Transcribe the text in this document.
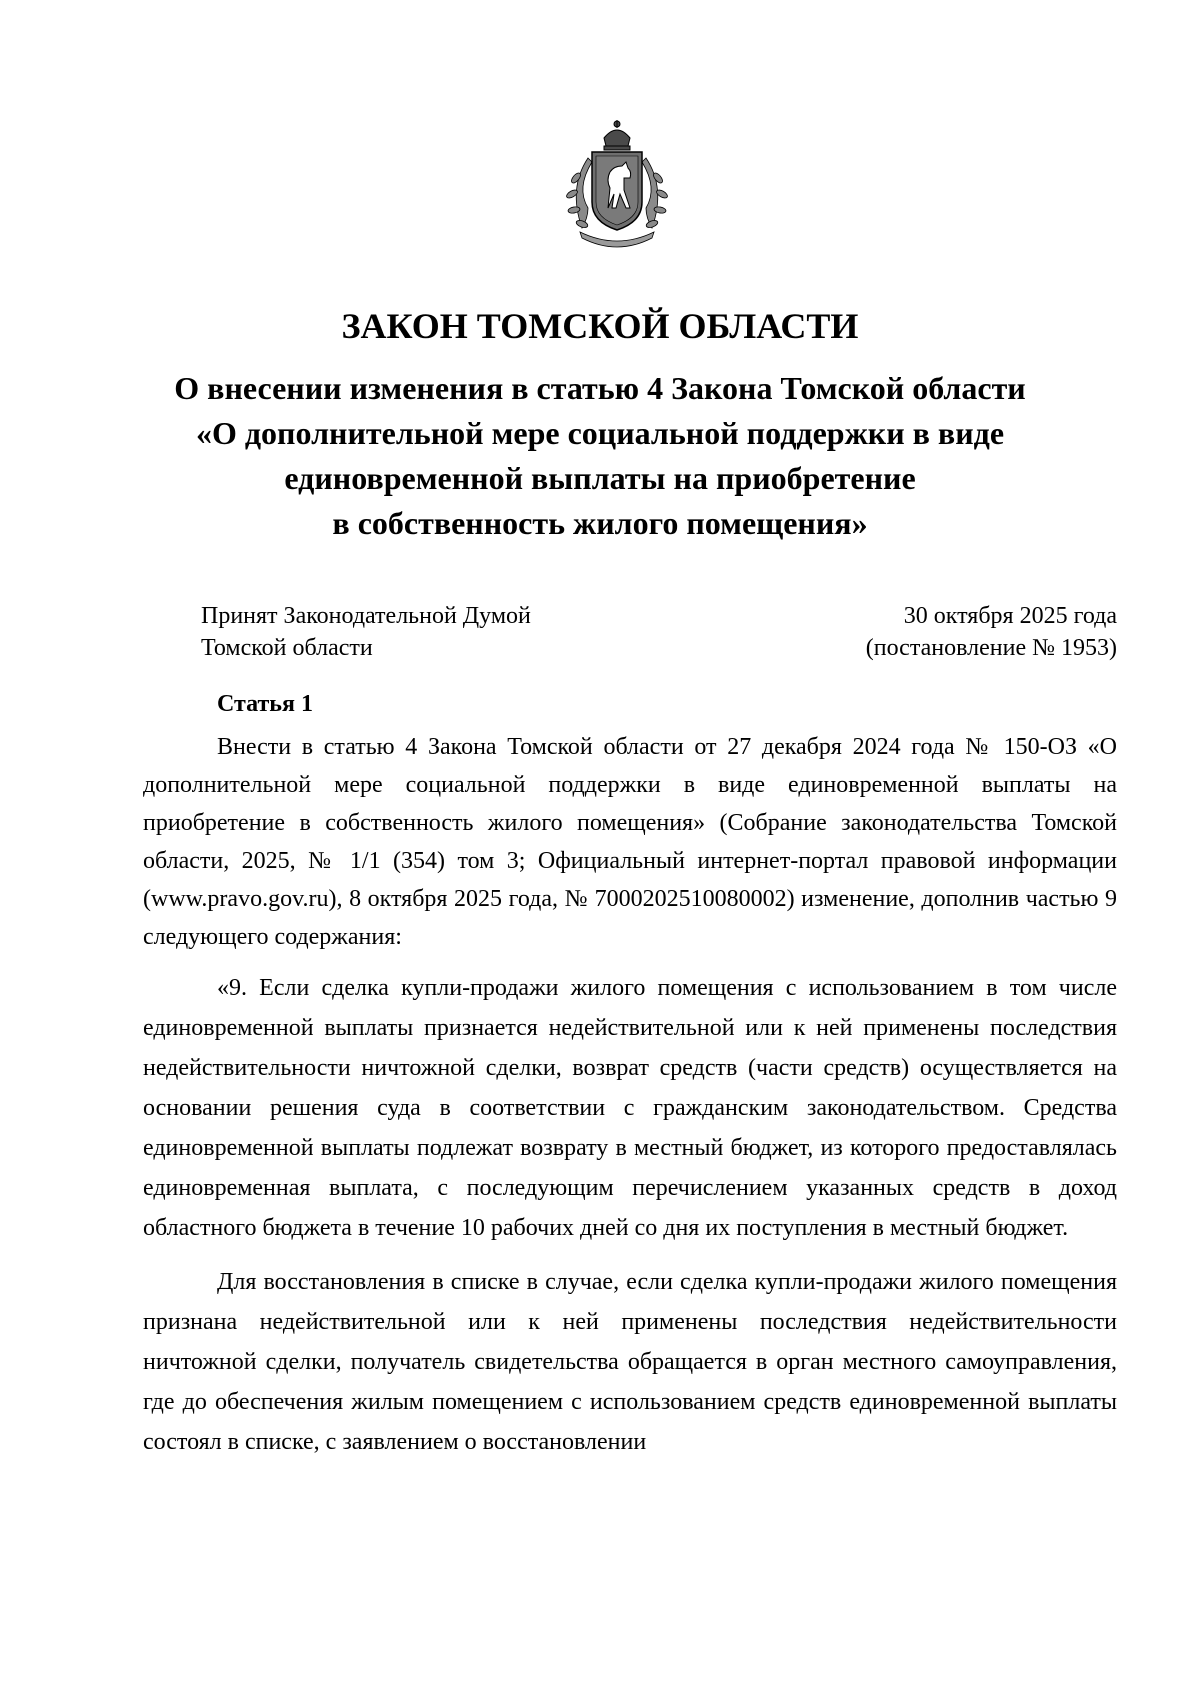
ЗАКОН ТОМСКОЙ ОБЛАСТИ
О внесении изменения в статью 4 Закона Томской области
«О дополнительной мере социальной поддержки в виде
единовременной выплаты на приобретение
в собственность жилого помещения»
Принят Законодательной Думой
Томской области
30 октября 2025 года
(постановление № 1953)
Статья 1

Внести в статью 4 Закона Томской области от 27 декабря 2024 года № 150-ОЗ «О дополнительной мере социальной поддержки в виде единовременной выплаты на приобретение в собственность жилого помещения» (Собрание законодательства Томской области, 2025, № 1/1 (354) том 3; Официальный интернет-портал правовой информации (www.pravo.gov.ru), 8 октября 2025 года, № 7000202510080002) изменение, дополнив частью 9 следующего содержания:

«9. Если сделка купли-продажи жилого помещения с использованием в том числе единовременной выплаты признается недействительной или к ней применены последствия недействительности ничтожной сделки, возврат средств (части средств) осуществляется на основании решения суда в соответствии с гражданским законодательством. Средства единовременной выплаты подлежат возврату в местный бюджет, из которого предоставлялась единовременная выплата, с последующим перечислением указанных средств в доход областного бюджета в течение 10 рабочих дней со дня их поступления в местный бюджет.

Для восстановления в списке в случае, если сделка купли-продажи жилого помещения признана недействительной или к ней применены последствия недействительности ничтожной сделки, получатель свидетельства обращается в орган местного самоуправления, где до обеспечения жилым помещением с использованием средств единовременной выплаты состоял в списке, с заявлением о восстановлении
